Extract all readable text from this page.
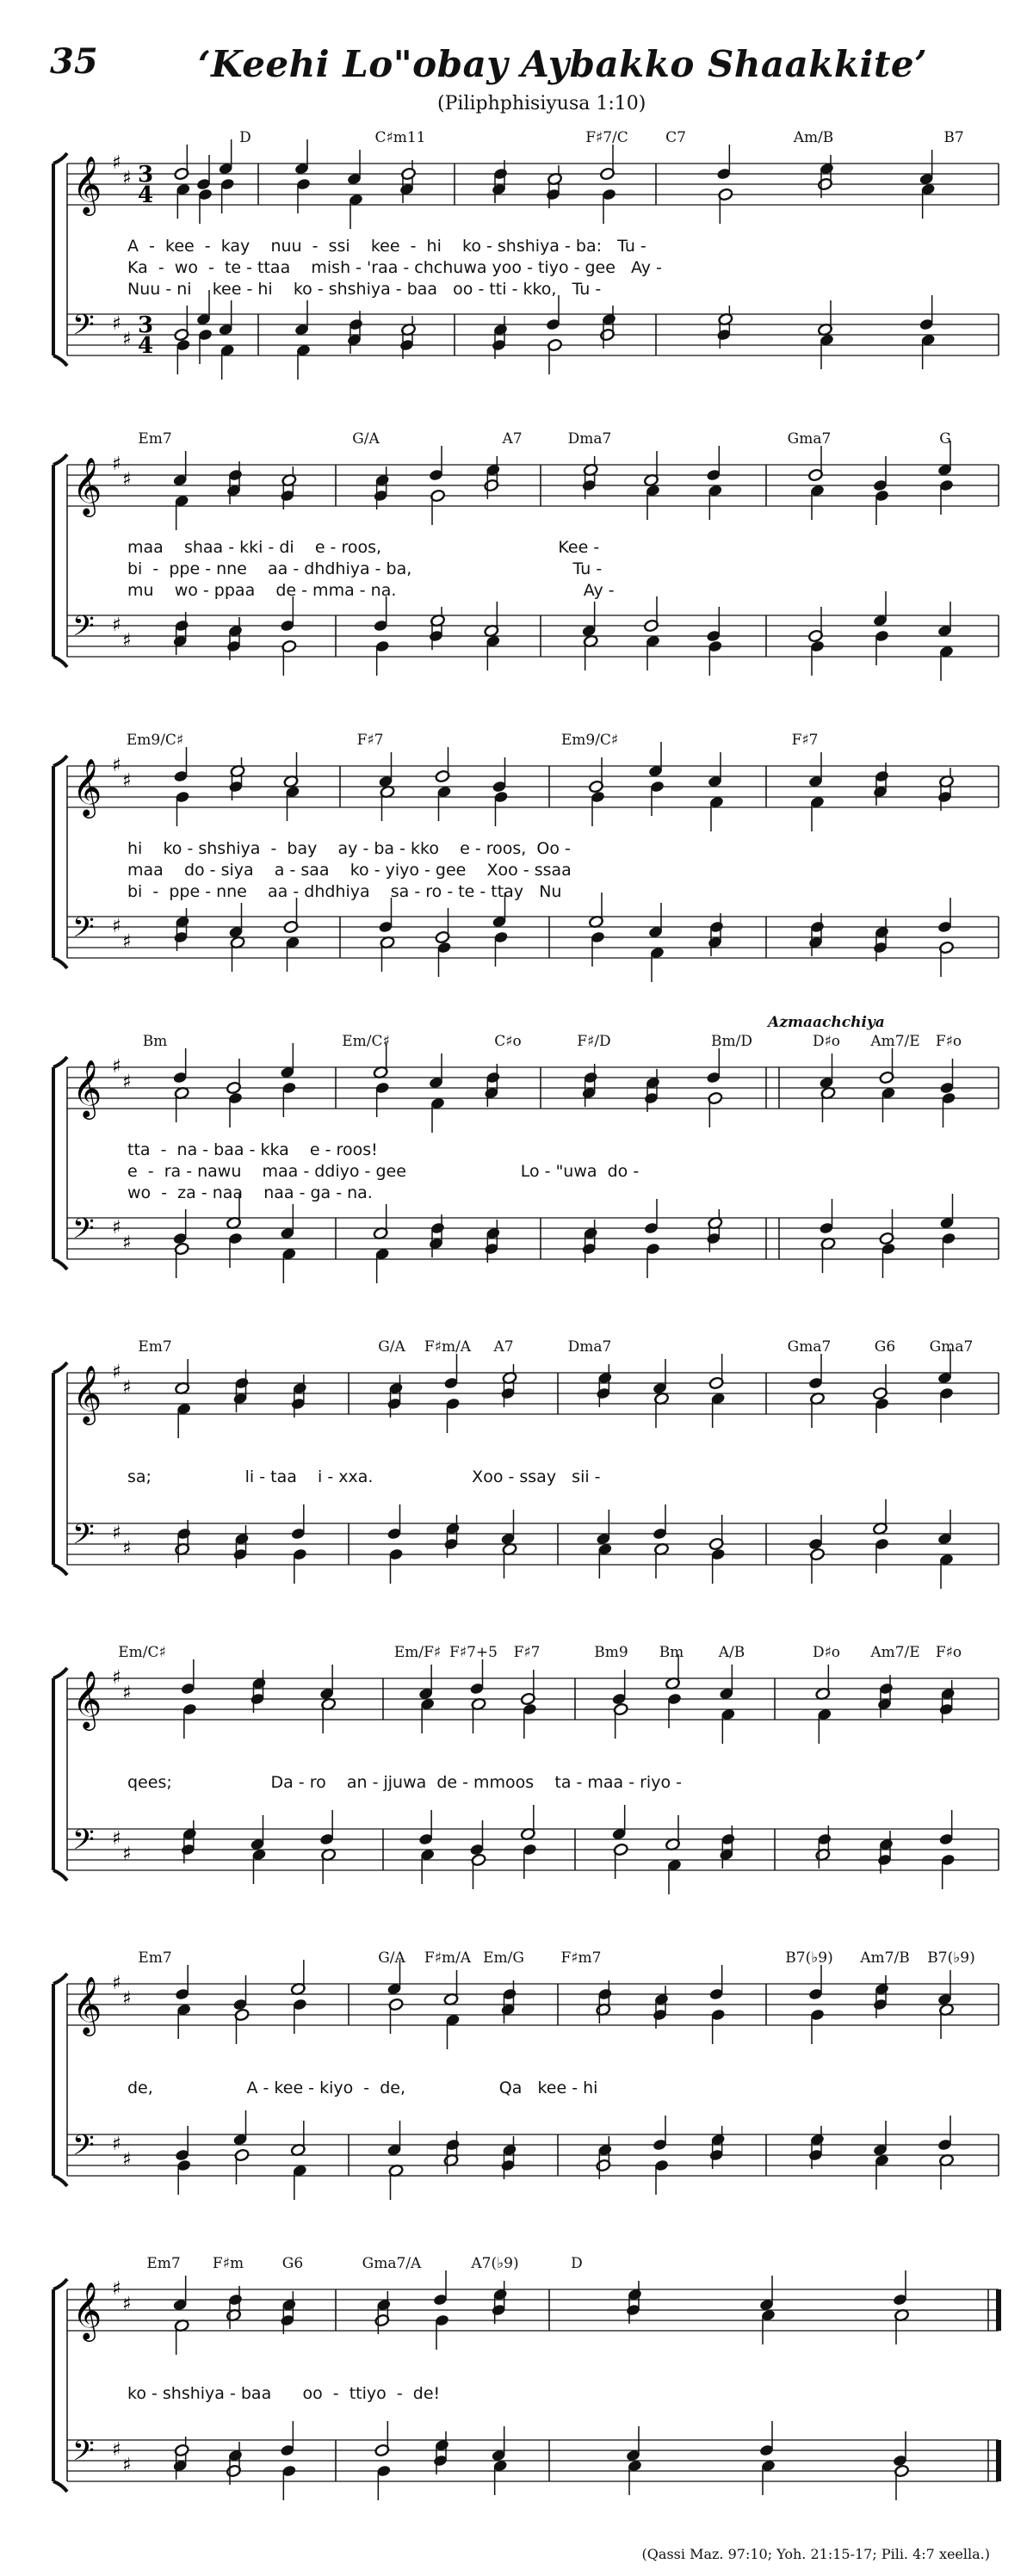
35	‘Keehi Lo"obay Aybakko Shaakkite’
(Piliphphisiyusa 1:10)
𝄞 ♯
♯ 3
4
𝄢 ♯
♯
3
4
D	C♯m11	F♯7/C	C7	Am/B	B7
A  -  kee  -  kay    nuu  -  ssi    kee  -  hi    ko - shshiya - ba:   Tu -
Ka  -  wo  -  te - ttaa    mish - 'raa - chchuwa yoo - tiyo - gee   Ay -
Nuu - ni    kee - hi    ko - shshiya - baa   oo - tti - kko,   Tu -
𝄞 ♯
♯
𝄢 ♯
♯
Em7	G/A	A7	Dma7	Gma7	G
maa    shaa - kki - di    e - roos,                                  Kee -
bi  -  ppe - nne    aa - dhdhiya - ba,                               Tu -
mu    wo - ppaa    de - mma - na.                                    Ay -
𝄞 ♯
♯
𝄢 ♯
♯
Em9/C♯	F♯7	Em9/C♯	F♯7
hi    ko - shshiya  -  bay    ay - ba - kko    e - roos,  Oo -
maa    do - siya    a - saa    ko - yiyo - gee    Xoo - ssaa
bi  -  ppe - nne    aa - dhdhiya    sa - ro - te - ttay   Nu
𝄞 ♯
♯
𝄢 ♯
♯
Bm	Em/C♯	C♯o	F♯/D	Bm/D	D♯o Am7/E F♯o
Azmaachchiya
tta  -  na - baa - kka    e - roos!
e  -  ra - nawu    maa - ddiyo - gee                      Lo - "uwa  do -
wo  -  za - naa    naa - ga - na.
𝄞 ♯
♯
𝄢 ♯
♯
Em7	G/A F♯m/A A7	Dma7	Gma7	G6 Gma7
sa;                  li - taa    i - xxa.                   Xoo - ssay   sii -
𝄞 ♯
♯
𝄢 ♯
♯
Em/C♯	Em/F♯ F♯7+5 F♯7	Bm9 Bm A/B	D♯o Am7/E F♯o
qees;                   Da - ro    an - jjuwa  de - mmoos    ta - maa - riyo -
𝄞 ♯
♯
𝄢 ♯
♯
Em7	G/A F♯m/A Em/G	F♯m7	B7(♭9) Am7/B B7(♭9)
de,                  A - kee - kiyo  -  de,                  Qa   kee - hi
𝄞 ♯
♯
𝄢 ♯
♯
Em7 F♯m	G6	Gma7/A	A7(♭9)	D
ko - shshiya - baa      oo  -  ttiyo  -  de!
(Qassi Maz. 97:10; Yoh. 21:15-17; Pili. 4:7 xeella.)
